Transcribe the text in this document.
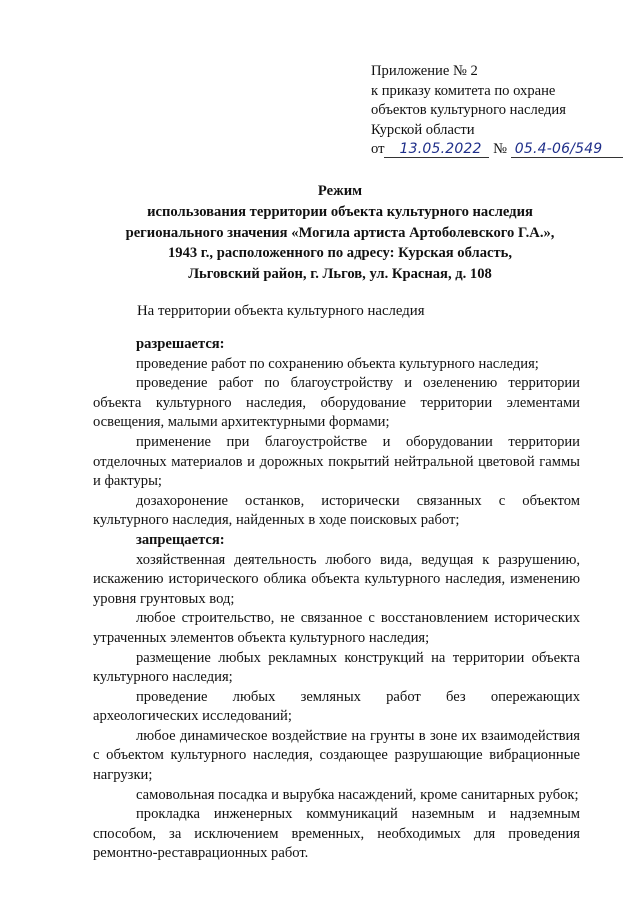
Приложение № 2
к приказу комитета по охране
объектов культурного наследия
Курской области
от 13.05.2022 № 05.4-06/549
Режим
использования территории объекта культурного наследия
регионального значения «Могила артиста Артоболевского Г.А.»,
1943 г., расположенного по адресу: Курская область,
Льговский район, г. Льгов, ул. Красная, д. 108
На территории объекта культурного наследия

разрешается:

проведение работ по сохранению объекта культурного наследия;

проведение работ по благоустройству и озеленению территории объекта культурного наследия, оборудование территории элементами освещения, малыми архитектурными формами;

применение при благоустройстве и оборудовании территории отделочных материалов и дорожных покрытий нейтральной цветовой гаммы и фактуры;

дозахоронение останков, исторически связанных с объектом культурного наследия, найденных в ходе поисковых работ;

запрещается:

хозяйственная деятельность любого вида, ведущая к разрушению, искажению исторического облика объекта культурного наследия, изменению уровня грунтовых вод;

любое строительство, не связанное с восстановлением исторических утраченных элементов объекта культурного наследия;

размещение любых рекламных конструкций на территории объекта культурного наследия;

проведение любых земляных работ без опережающих археологических исследований;

любое динамическое воздействие на грунты в зоне их взаимодействия с объектом культурного наследия, создающее разрушающие вибрационные нагрузки;

самовольная посадка и вырубка насаждений, кроме санитарных рубок;

прокладка инженерных коммуникаций наземным и надземным способом, за исключением временных, необходимых для проведения ремонтно-реставрационных работ.
